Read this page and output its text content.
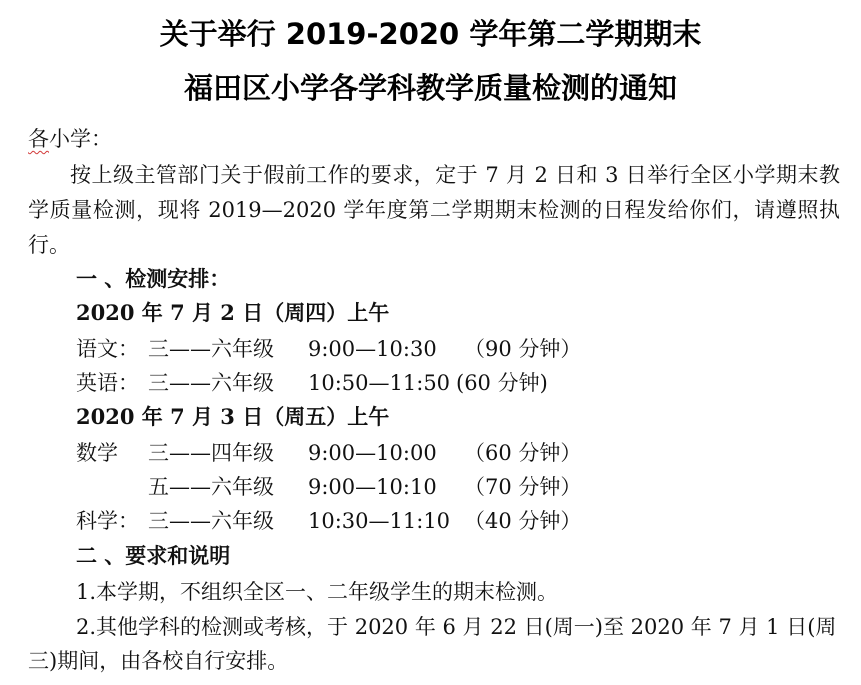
关于举行 2019-2020 学年第二学期期末
福田区小学各学科教学质量检测的通知
各小学：
按上级主管部门关于假前工作的要求，定于 7 月 2 日和 3 日举行全区小学期末教学质量检测，现将 2019—2020 学年度第二学期期末检测的日程发给你们，请遵照执行。
一 、检测安排：
2020 年 7 月 2 日（周四）上午
语文： 三——六年级 9:00—10:30 （90 分钟）
英语： 三——六年级 10:50—11:50 (60 分钟)
2020 年 7 月 3 日（周五）上午
数学 三——四年级 9:00—10:00 （60 分钟）
五——六年级 9:00—10:10 （70 分钟）
科学： 三——六年级 10:30—11:10 （40 分钟）
二 、要求和说明
1.本学期，不组织全区一、二年级学生的期末检测。
2.其他学科的检测或考核，于 2020 年 6 月 22 日(周一)至 2020 年 7 月 1 日(周
三)期间，由各校自行安排。
